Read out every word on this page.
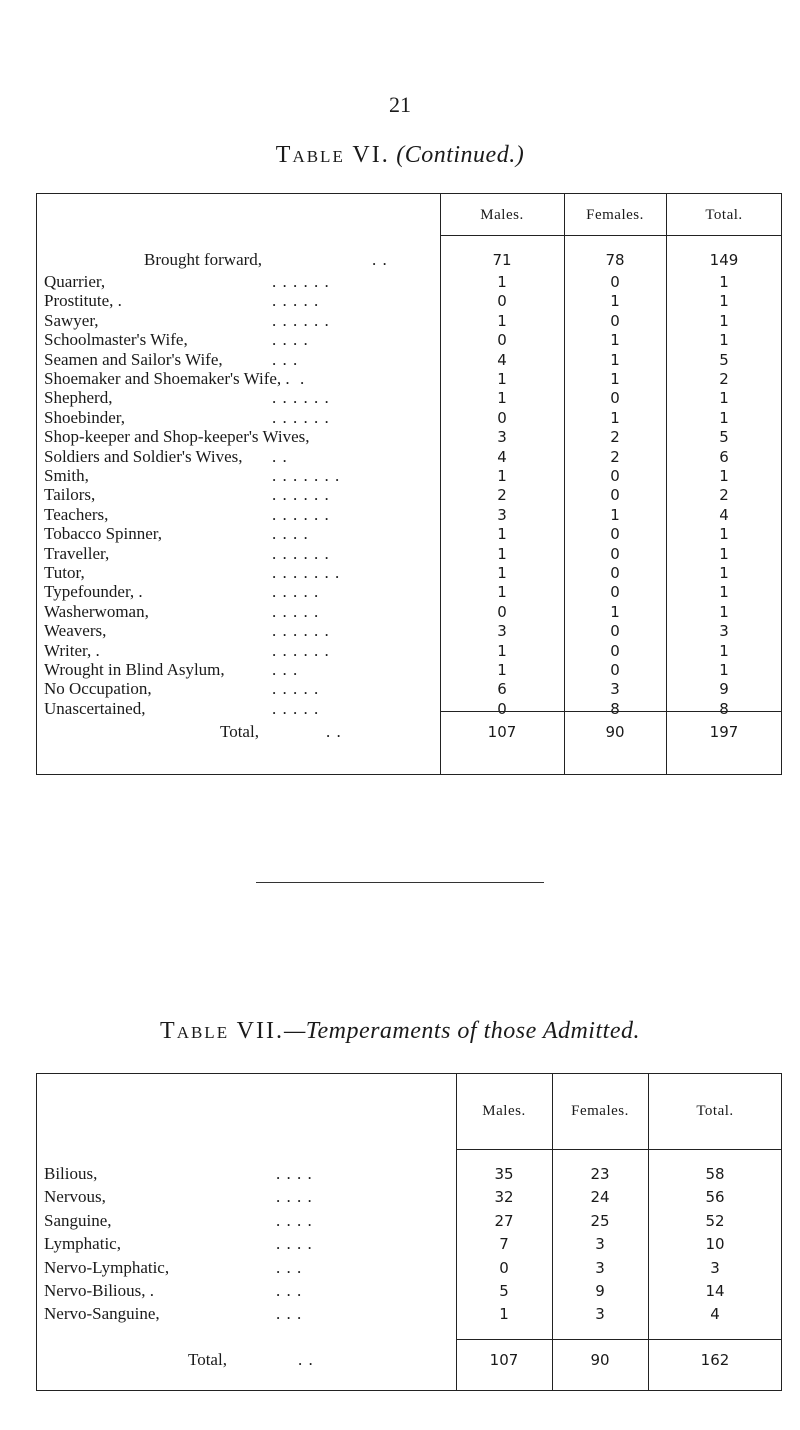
21
Table VI. (Continued.)
Males.	Females.	Total.
Brought forward,	. .	71	78	149
Quarrier,	. . . . . .	1	0	1
Prostitute, .	. . . . .	0	1	1
Sawyer,	. . . . . .	1	0	1
Schoolmaster's Wife,	. . . .	0	1	1
Seamen and Sailor's Wife,	. . .	4	1	5
Shoemaker and Shoemaker's Wife, . .	1	1	2
Shepherd,	. . . . . .	1	0	1
Shoebinder,	. . . . . .	0	1	1
Shop-keeper and Shop-keeper's Wives,	3	2	5
Soldiers and Soldier's Wives, . .	4	2	6
Smith,	. . . . . . .	1	0	1
Tailors,	. . . . . .	2	0	2
Teachers,	. . . . . .	3	1	4
Tobacco Spinner,	. . . .	1	0	1
Traveller,	. . . . . .	1	0	1
Tutor,	. . . . . . .	1	0	1
Typefounder, .	. . . . .	1	0	1
Washerwoman,	. . . . .	0	1	1
Weavers,	. . . . . .	3	0	3
Writer, .	. . . . . .	1	0	1
Wrought in Blind Asylum,	. . .	1	0	1
No Occupation,	. . . . .	6	3	9
Unascertained,	. . . . .	0	8	8
Total,	. .	107	90	197
Table VII.—Temperaments of those Admitted.
Males.	Females.	Total.
Bilious,	. . . .	35	23	58
Nervous,	. . . .	32	24	56
Sanguine,	. . . .	27	25	52
Lymphatic,	. . . .	7	3	10
Nervo-Lymphatic,	. . .	0	3	3
Nervo-Bilious, .	. . .	5	9	14
Nervo-Sanguine,	. . .	1	3	4
Total,	. .	107	90	162
